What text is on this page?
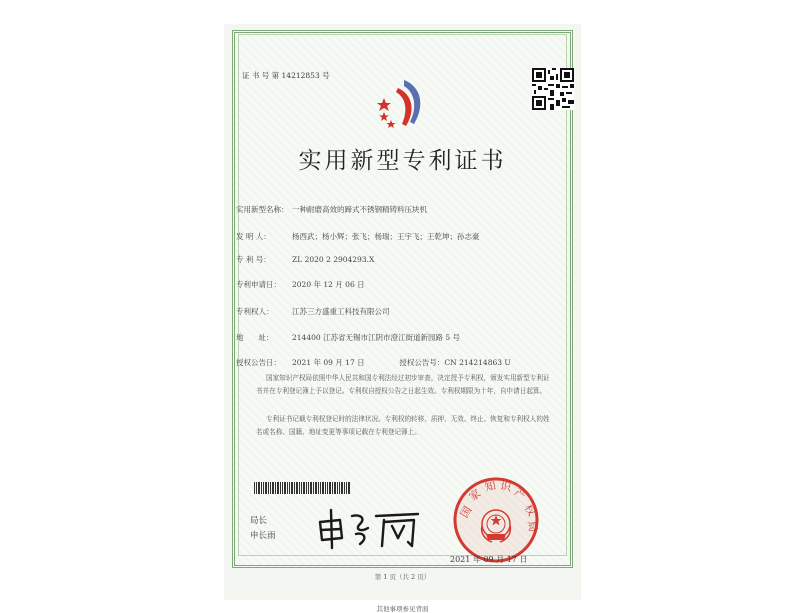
证 书 号 第 14212853 号
实用新型专利证书
实用新型名称： 一种耐磨高效的蹄式不锈钢精铸料压块机
发 明 人：	杨西武；杨小辉；张飞；杨瑞；王宇飞；王乾坤；孙志豪
专 利 号：	ZL 2020 2 2904293.X
专利申请日： 2020 年 12 月 06 日
专利权人： 江苏三方盛重工科技有限公司
地　　址： 214400 江苏省无锡市江阴市澄江街道新园路 5 号
授权公告日： 2021 年 09 月 17 日	授权公告号：CN 214214863 U
国家知识产权局依照中华人民共和国专利法经过初步审查，决定授予专利权，颁发实用新型专利证书并在专利登记簿上予以登记。专利权自授权公告之日起生效。专利权期限为十年，自申请日起算。
专利证书记载专利权登记时的法律状况。专利权的转移、质押、无效、终止、恢复和专利权人的姓名或名称、国籍、地址变更等事项记载在专利登记簿上。
局长
申长雨
国
家
知 识 产
权
局
2021 年 09 月 17 日
第 1 页（共 2 页）
其他事项参见背面
